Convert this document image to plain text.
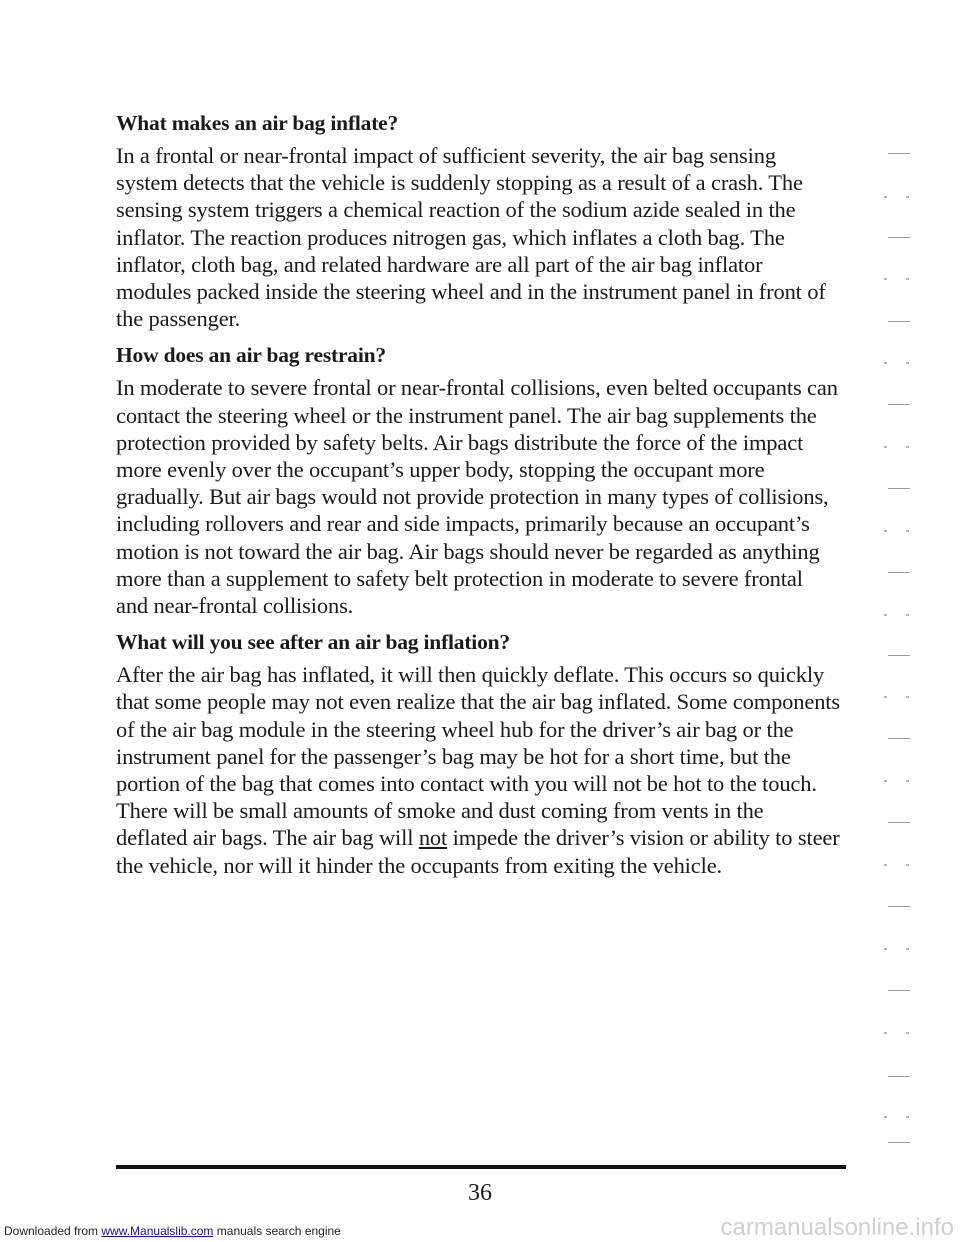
What makes an air bag inflate?

In a frontal or near-frontal impact of sufficient severity, the air bag sensing system detects that the vehicle is suddenly stopping as a result of a crash. The sensing system triggers a chemical reaction of the sodium azide sealed in the inflator. The reaction produces nitrogen gas, which inflates a cloth bag. The inflator, cloth bag, and related hardware are all part of the air bag inflator modules packed inside the steering wheel and in the instrument panel in front of the passenger.

How does an air bag restrain?

In moderate to severe frontal or near-frontal collisions, even belted occupants can contact the steering wheel or the instrument panel. The air bag supplements the protection provided by safety belts. Air bags distribute the force of the impact more evenly over the occupant’s upper body, stopping the occupant more gradually. But air bags would not provide protection in many types of collisions, including rollovers and rear and side impacts, primarily because an occupant’s motion is not toward the air bag. Air bags should never be regarded as anything more than a supplement to safety belt protection in moderate to severe frontal and near-frontal collisions.

What will you see after an air bag inflation?

After the air bag has inflated, it will then quickly deflate. This occurs so quickly that some people may not even realize that the air bag inflated. Some components of the air bag module in the steering wheel hub for the driver’s air bag or the instrument panel for the passenger’s bag may be hot for a short time, but the portion of the bag that comes into contact with you will not be hot to the touch. There will be small amounts of smoke and dust coming from vents in the deflated air bags. The air bag will not impede the driver’s vision or ability to steer the vehicle, nor will it hinder the occupants from exiting the vehicle.

36
Downloaded from www.Manualslib.com manuals search engine	carmanualsonline.info
